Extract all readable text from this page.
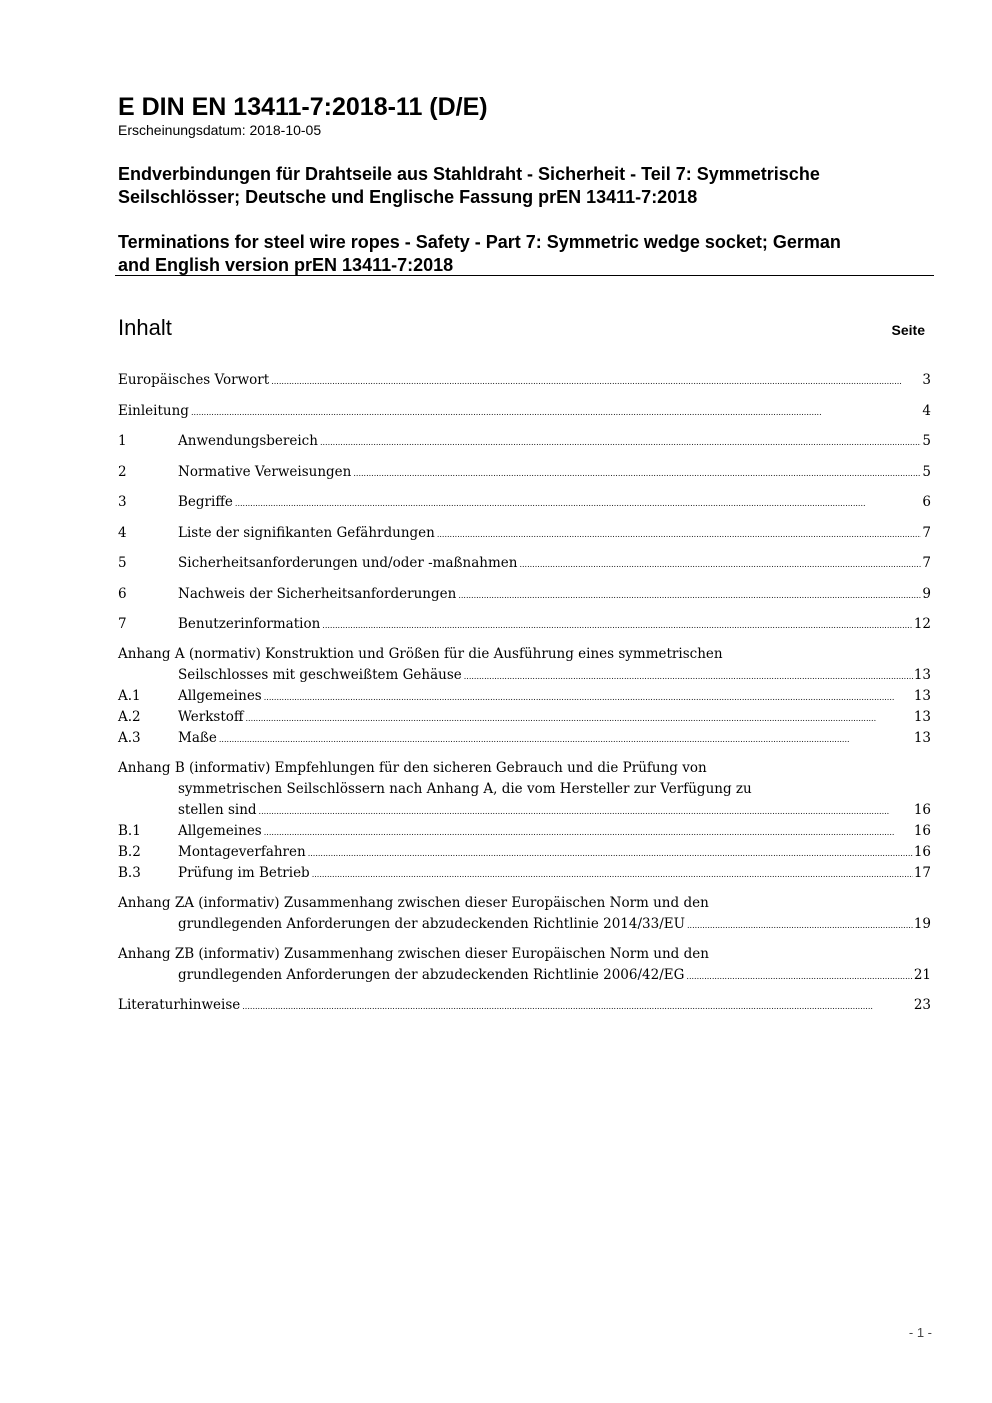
E DIN EN 13411-7:2018-11 (D/E)

Erscheinungsdatum: 2018-10-05

Endverbindungen für Drahtseile aus Stahldraht - Sicherheit - Teil 7: Symmetrische
Seilschlösser; Deutsche und Englische Fassung prEN 13411-7:2018

Terminations for steel wire ropes - Safety - Part 7: Symmetric wedge socket; German
and English version prEN 13411-7:2018

Inhalt	Seite
Europäisches Vorwort .....	3
Einleitung .....	4
1	Anwendungsbereich .....	5
2	Normative Verweisungen .....	5
3	Begriffe .....	6
4	Liste der signifikanten Gefährdungen .....	7
5	Sicherheitsanforderungen und/oder -maßnahmen .....	7
6	Nachweis der Sicherheitsanforderungen .....	9
7	Benutzerinformation .....	12
Anhang A (normativ) Konstruktion und Größen für die Ausführung eines symmetrischen
Seilschlosses mit geschweißtem Gehäuse .....	13
A.1	Allgemeines .....	13
A.2	Werkstoff .....	13
A.3	Maße .....	13
Anhang B (informativ) Empfehlungen für den sicheren Gebrauch und die Prüfung von
symmetrischen Seilschlössern nach Anhang A, die vom Hersteller zur Verfügung zu
stellen sind .....	16
B.1	Allgemeines .....	16
B.2	Montageverfahren .....	16
B.3	Prüfung im Betrieb .....	17
Anhang ZA (informativ) Zusammenhang zwischen dieser Europäischen Norm und den
grundlegenden Anforderungen der abzudeckenden Richtlinie 2014/33/EU .....	19
Anhang ZB (informativ) Zusammenhang zwischen dieser Europäischen Norm und den
grundlegenden Anforderungen der abzudeckenden Richtlinie 2006/42/EG .....	21
Literaturhinweise .....	23
- 1 -
